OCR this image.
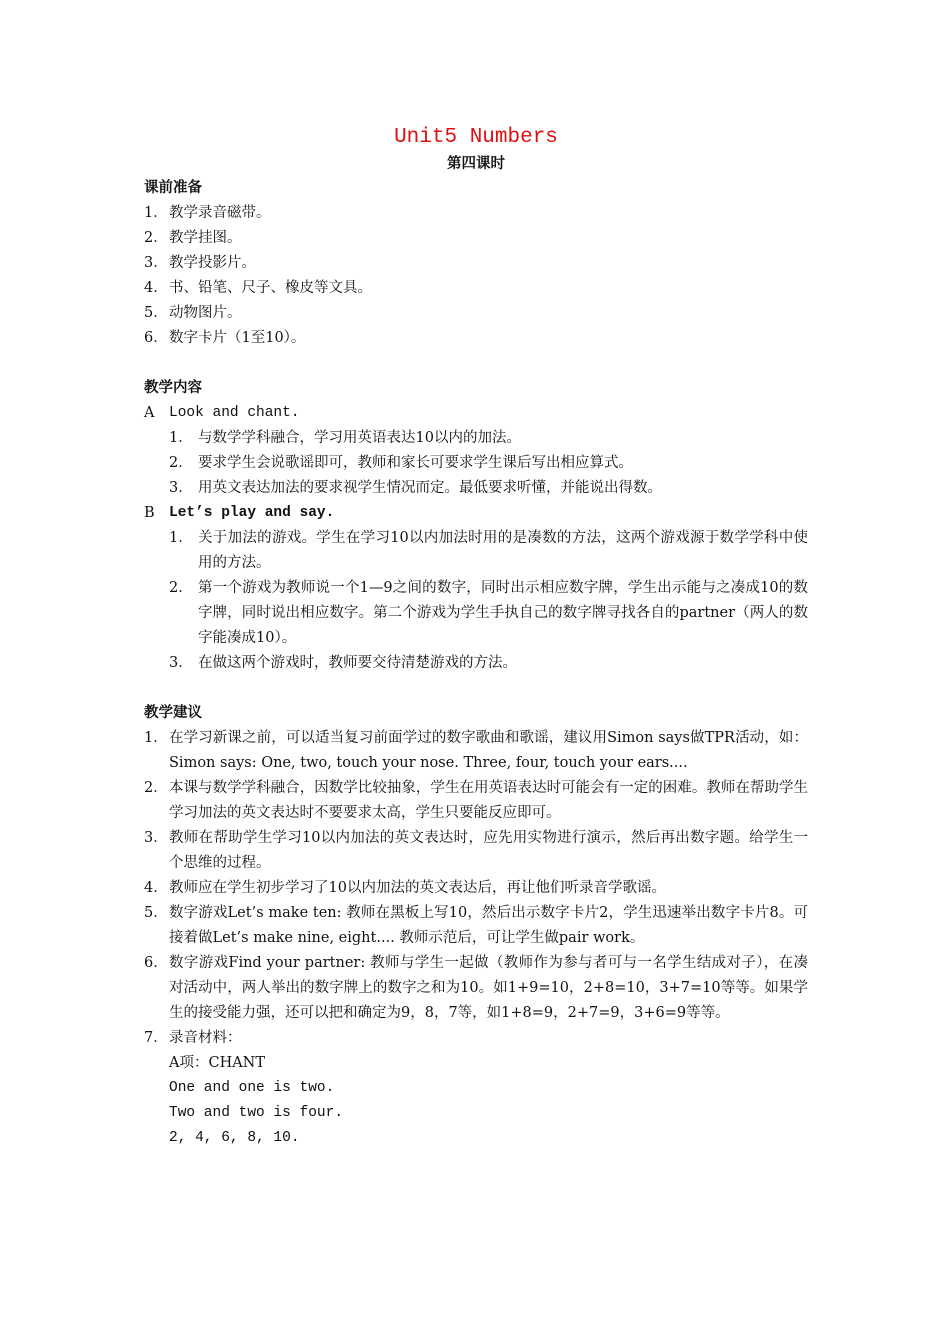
Unit5 Numbers
第四课时
课前准备
1． 教学录音磁带。
2． 教学挂图。
3． 教学投影片。
4． 书、铅笔、尺子、橡皮等文具。
5． 动物图片。
6． 数字卡片（1至10）。
教学内容
A	Look and chant.
1． 与数学学科融合，学习用英语表达10以内的加法。
2． 要求学生会说歌谣即可，教师和家长可要求学生课后写出相应算式。
3． 用英文表达加法的要求视学生情况而定。最低要求听懂，并能说出得数。
B Let’s play and say.
1． 关于加法的游戏。学生在学习10以内加法时用的是凑数的方法，这两个游戏源于数学学科中使用的方法。
2． 第一个游戏为教师说一个1—9之间的数字，同时出示相应数字牌，学生出示能与之凑成10的数字牌，同时说出相应数字。第二个游戏为学生手执自己的数字牌寻找各自的partner（两人的数字能凑成10）。
3． 在做这两个游戏时，教师要交待清楚游戏的方法。
教学建议
1． 在学习新课之前，可以适当复习前面学过的数字歌曲和歌谣，建议用Simon says做TPR活动，如：Simon says: One, two, touch your nose. Three, four, touch your ears....
2． 本课与数学学科融合，因数学比较抽象，学生在用英语表达时可能会有一定的困难。教师在帮助学生学习加法的英文表达时不要要求太高，学生只要能反应即可。
3． 教师在帮助学生学习10以内加法的英文表达时，应先用实物进行演示，然后再出数字题。给学生一个思维的过程。
4． 教师应在学生初步学习了10以内加法的英文表达后，再让他们听录音学歌谣。
5． 数字游戏Let’s make ten: 教师在黑板上写10，然后出示数字卡片2，学生迅速举出数字卡片8。可接着做Let’s make nine, eight.... 教师示范后，可让学生做pair work。
6． 数字游戏Find your partner: 教师与学生一起做（教师作为参与者可与一名学生结成对子），在凑对活动中，两人举出的数字牌上的数字之和为10。如1+9=10，2+8=10，3+7=10等等。如果学生的接受能力强，还可以把和确定为9，8，7等，如1+8=9，2+7=9，3+6=9等等。
7． 录音材料：
A项：CHANT
One and one is two.
Two and two is four.
2, 4, 6, 8, 10.
